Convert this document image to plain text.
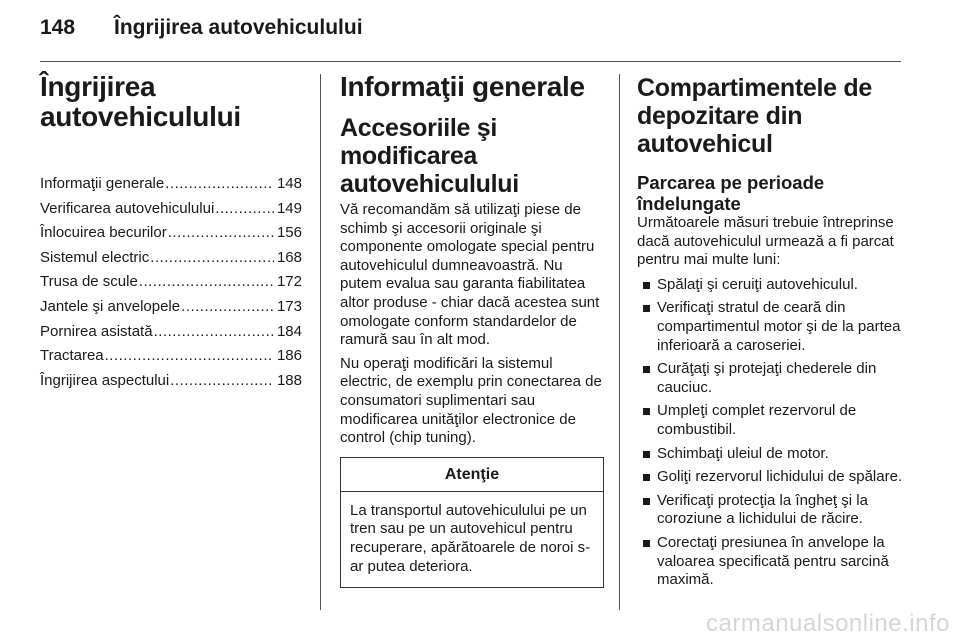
148 Îngrijirea autovehiculului
Îngrijirea
autovehiculului
Informaţii generale .....	148
Verificarea autovehiculului .....	149
Înlocuirea becurilor .....	156
Sistemul electric .....	168
Trusa de scule .....	172
Jantele şi anvelopele .....	173
Pornirea asistată .....	184
Tractarea .....	186
Îngrijirea aspectului .....	188
Informaţii generale
Accesoriile şi modificarea
autovehiculului

Vă recomandăm să utilizaţi piese de schimb şi accesorii originale şi componente omologate special pentru autovehiculul dumneavoastră. Nu putem evalua sau garanta fiabilitatea altor produse - chiar dacă acestea sunt omologate conform standardelor de ramură sau în alt mod.

Nu operaţi modificări la sistemul electric, de exemplu prin conectarea de consumatori suplimentari sau modificarea unităţilor electronice de control (chip tuning).

Atenţie
La transportul autovehiculului pe un tren sau pe un autovehicul pentru recuperare, apărătoarele de noroi s-ar putea deteriora.
Compartimentele de
depozitare din autovehicul
Parcarea pe perioade
îndelungate

Următoarele măsuri trebuie întreprinse dacă autovehiculul urmează a fi parcat pentru mai multe luni:

Spălaţi şi ceruiţi autovehiculul.
Verificaţi stratul de ceară din compartimentul motor şi de la partea inferioară a caroseriei.
Curăţaţi şi protejaţi chederele din cauciuc.
Umpleţi complet rezervorul de combustibil.
Schimbaţi uleiul de motor.
Goliţi rezervorul lichidului de spălare.
Verificaţi protecţia la îngheţ şi la coroziune a lichidului de răcire.
Corectaţi presiunea în anvelope la valoarea specificată pentru sarcină maximă.
carmanualsonline.info
